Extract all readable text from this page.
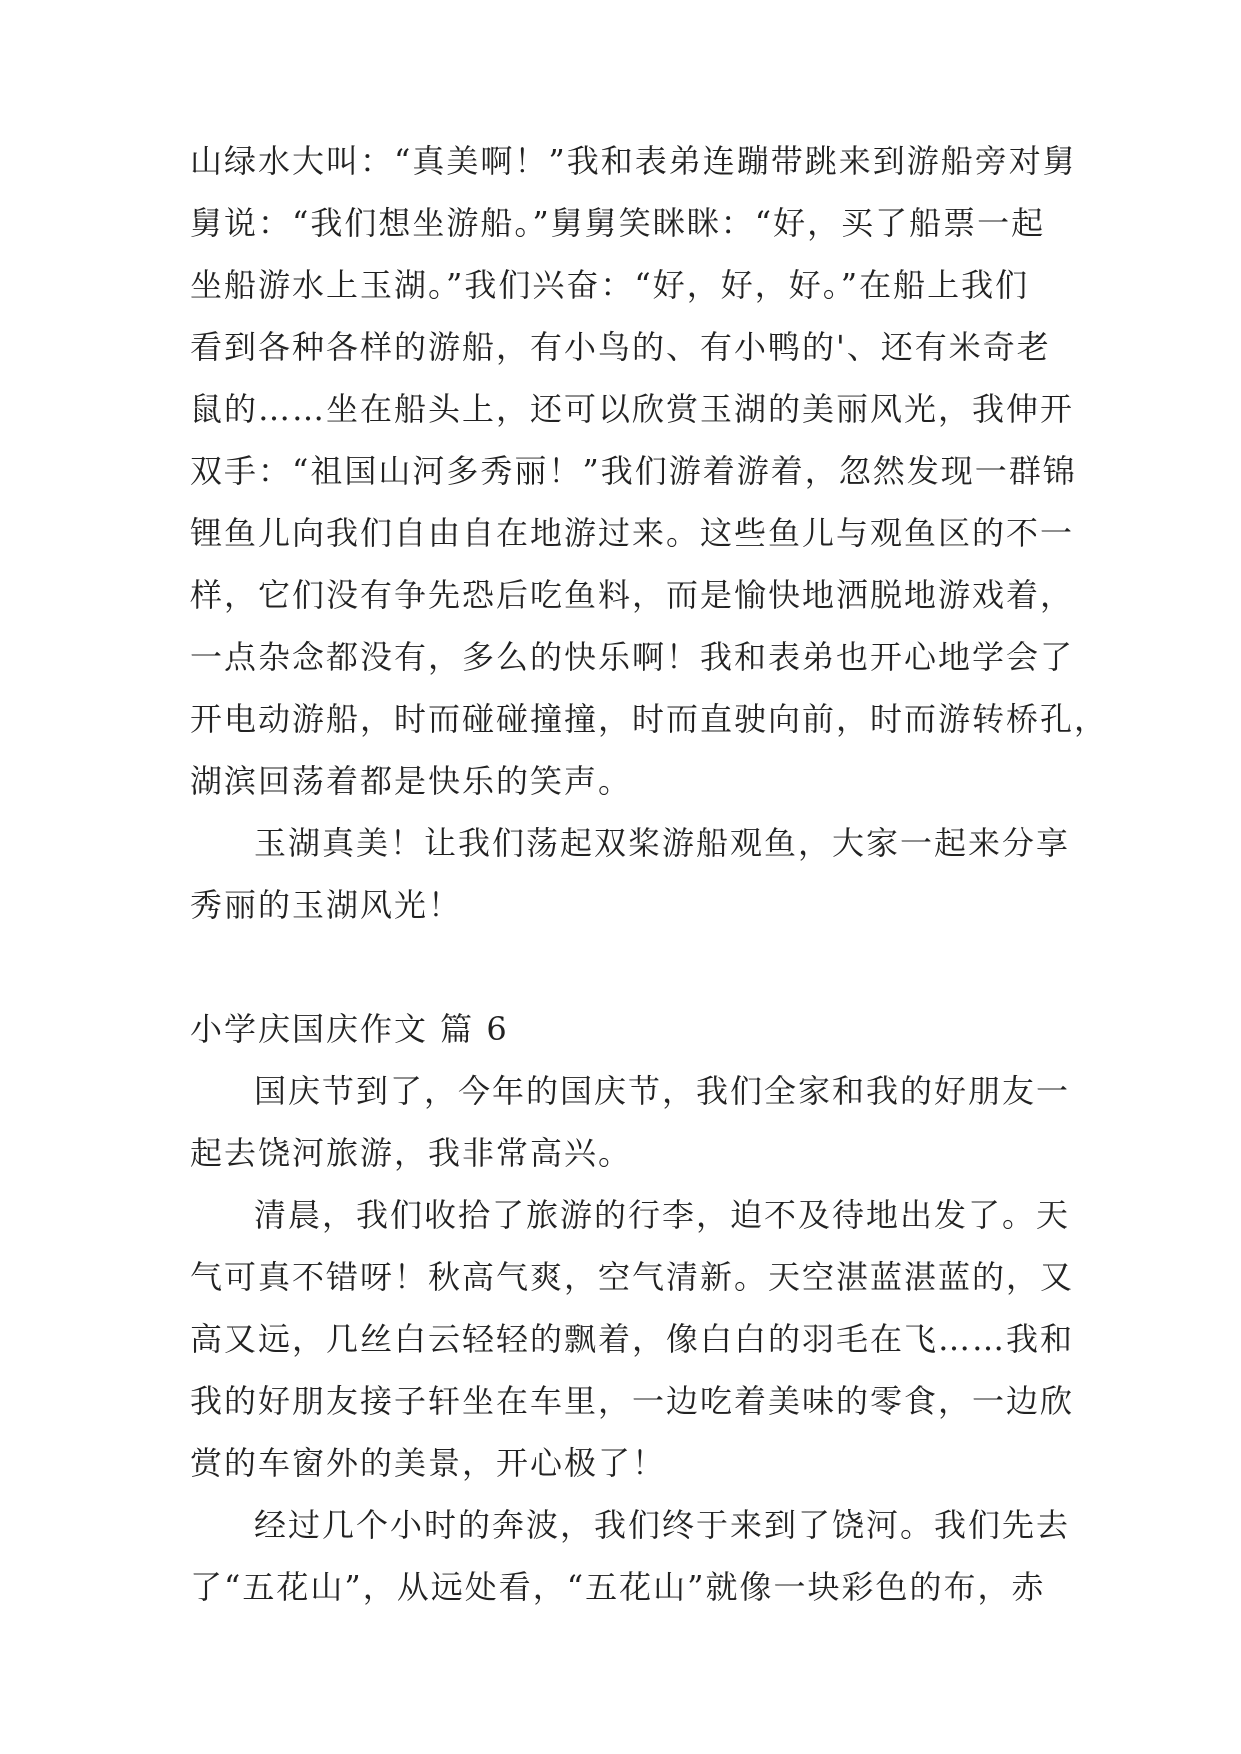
山绿水大叫：“真美啊！”我和表弟连蹦带跳来到游船旁对舅
舅说：“我们想坐游船。”舅舅笑眯眯：“好，买了船票一起
坐船游水上玉湖。”我们兴奋：“好，好，好。”在船上我们
看到各种各样的游船，有小鸟的、有小鸭的'、还有米奇老
鼠的……坐在船头上，还可以欣赏玉湖的美丽风光，我伸开
双手：“祖国山河多秀丽！”我们游着游着，忽然发现一群锦
锂鱼儿向我们自由自在地游过来。这些鱼儿与观鱼区的不一
样，它们没有争先恐后吃鱼料，而是愉快地洒脱地游戏着，
一点杂念都没有，多么的快乐啊！我和表弟也开心地学会了
开电动游船，时而碰碰撞撞，时而直驶向前，时而游转桥孔，
湖滨回荡着都是快乐的笑声。
玉湖真美！让我们荡起双桨游船观鱼，大家一起来分享
秀丽的玉湖风光！
小学庆国庆作文 篇 6
国庆节到了，今年的国庆节，我们全家和我的好朋友一
起去饶河旅游，我非常高兴。
清晨，我们收拾了旅游的行李，迫不及待地出发了。天
气可真不错呀！秋高气爽，空气清新。天空湛蓝湛蓝的，又
高又远，几丝白云轻轻的飘着，像白白的羽毛在飞……我和
我的好朋友接子轩坐在车里，一边吃着美味的零食，一边欣
赏的车窗外的美景，开心极了！
经过几个小时的奔波，我们终于来到了饶河。我们先去
了“五花山”，从远处看，“五花山”就像一块彩色的布，赤
